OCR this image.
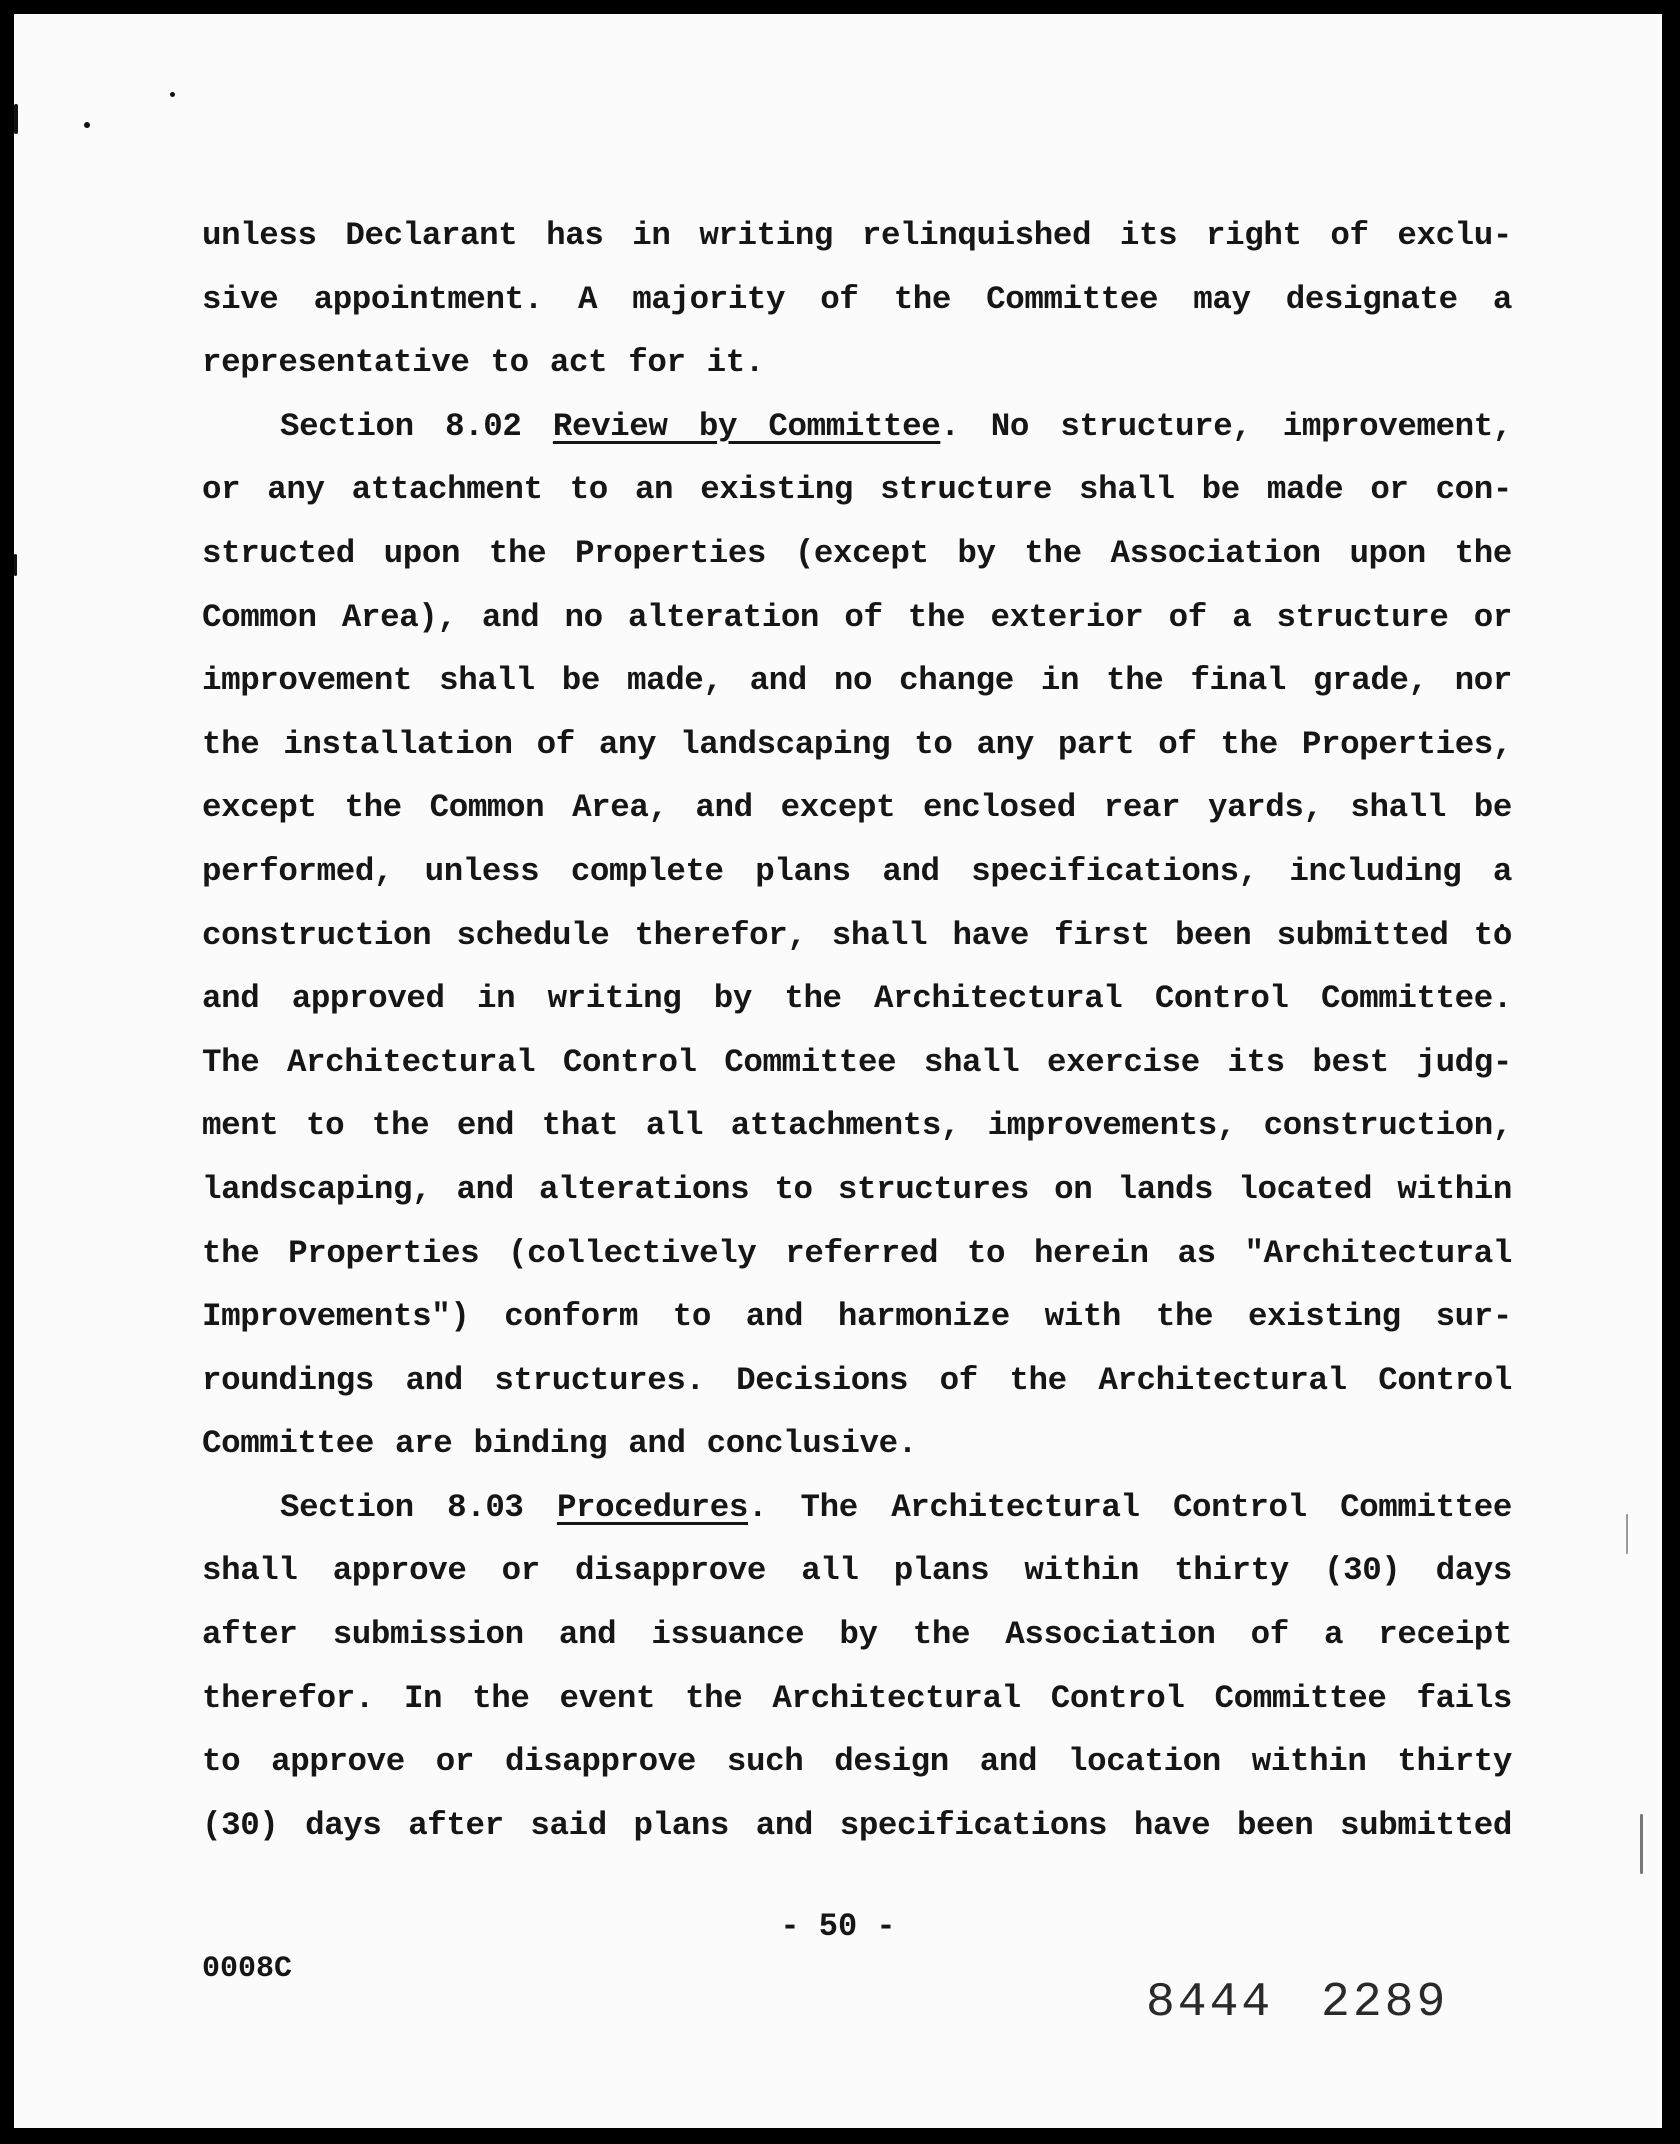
unless Declarant has in writing relinquished its right of exclu-
sive appointment. A majority of the Committee may designate a
representative to act for it.
Section 8.02 Review by Committee. No structure, improvement,
or any attachment to an existing structure shall be made or con-
structed upon the Properties (except by the Association upon the
Common Area), and no alteration of the exterior of a structure or
improvement shall be made, and no change in the final grade, nor
the installation of any landscaping to any part of the Properties,
except the Common Area, and except enclosed rear yards, shall be
performed, unless complete plans and specifications, including a
construction schedule therefor, shall have first been submitted to
and approved in writing by the Architectural Control Committee.
The Architectural Control Committee shall exercise its best judg-
ment to the end that all attachments, improvements, construction,
landscaping, and alterations to structures on lands located within
the Properties (collectively referred to herein as "Architectural
Improvements") conform to and harmonize with the existing sur-
roundings and structures. Decisions of the Architectural Control
Committee are binding and conclusive.
Section 8.03 Procedures. The Architectural Control Committee
shall approve or disapprove all plans within thirty (30) days
after submission and issuance by the Association of a receipt
therefor. In the event the Architectural Control Committee fails
to approve or disapprove such design and location within thirty
(30) days after said plans and specifications have been submitted
- 50 -
0008C
8444 2289
